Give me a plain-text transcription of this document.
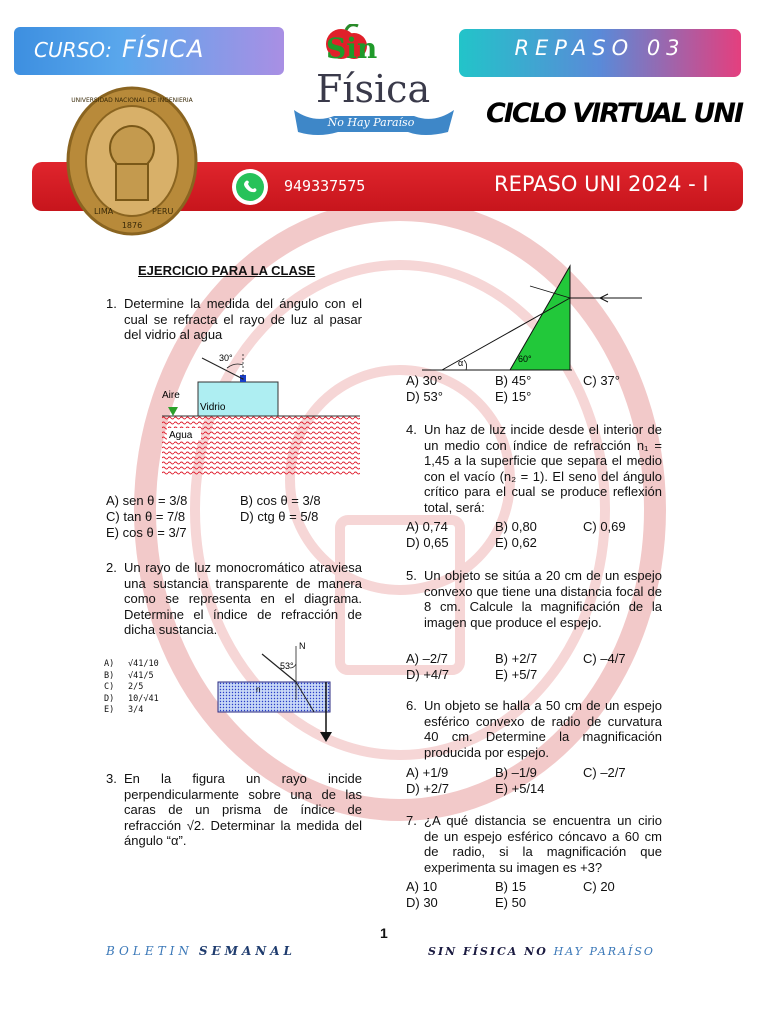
CURSO: FÍSICA	Sin
Física
No Hay Paraíso
REPASO 03
CICLO VIRTUAL UNI
UNIVERSIDAD NACIONAL DE INGENIERIA
LIMA	PERU
1876
949337575	REPASO UNI 2024 - I
EJERCICIO PARA LA CLASE
1. Determine la medida del ángulo con el cual se refracta el rayo de luz al pasar del vidrio al agua
30°
Aire
Vidrio
Agua
A) sen θ = 3/8	B) cos θ = 3/8
C) tan θ = 7/8	D) ctg θ = 5/8
E) cos θ = 3/7
2. Un rayo de luz monocromático atraviesa una sustancia transparente de manera como se representa en el diagrama. Determine el índice de refracción de dicha sustancia.
A) √41/10
B) √41/5
C) 2/5
D) 10/√41
E) 3/4
N
53°
n
3. En la figura un rayo incide perpendicularmente sobre una de las caras de un prisma de índice de refracción √2. Determinar la medida del ángulo “α”.
α	60°
A) 30°	B) 45°	C) 37°
D) 53°	E) 15°
4. Un haz de luz incide desde el interior de un medio con índice de refracción n₁ = 1,45 a la superficie que separa el medio con el vacío (n₂ = 1). El seno del ángulo crítico para el cual se produce reflexión total, será:
A) 0,74	B) 0,80	C) 0,69
D) 0,65	E) 0,62
5. Un objeto se sitúa a 20 cm de un espejo convexo que tiene una distancia focal de 8 cm. Calcule la magnificación de la imagen que produce el espejo.
A) –2/7	B) +2/7	C) –4/7
D) +4/7	E) +5/7
6. Un objeto se halla a 50 cm de un espejo esférico convexo de radio de curvatura 40 cm. Determine la magnificación producida por espejo.
A) +1/9	B) –1/9	C) –2/7
D) +2/7	E) +5/14
7. ¿A qué distancia se encuentra un cirio de un espejo esférico cóncavo a 60 cm de radio, si la magnificación que experimenta su imagen es +3?
A) 10	B) 15	C) 20
D) 30	E) 50
1
BOLETIN SEMANAL	SIN FÍSICA NO HAY PARAÍSO
